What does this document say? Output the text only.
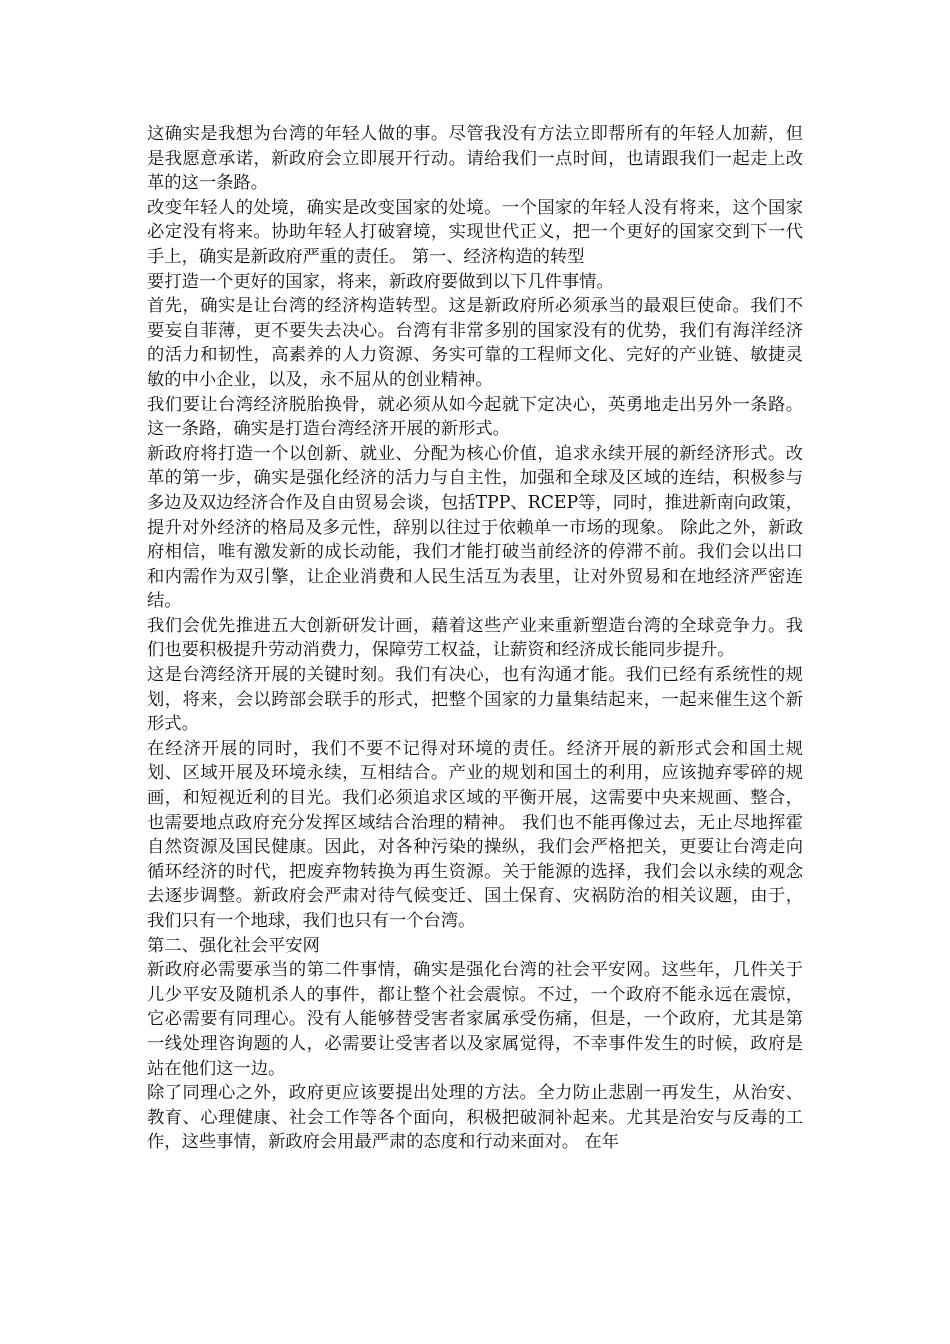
这确实是我想为台湾的年轻人做的事。尽管我没有方法立即帮所有的年轻人加薪，但是我愿意承诺，新政府会立即展开行动。请给我们一点时间，也请跟我们一起走上改革的这一条路。

改变年轻人的处境，确实是改变国家的处境。一个国家的年轻人没有将来，这个国家必定没有将来。协助年轻人打破窘境，实现世代正义，把一个更好的国家交到下一代手上，确实是新政府严重的责任。 第一、经济构造的转型

要打造一个更好的国家，将来，新政府要做到以下几件事情。

首先，确实是让台湾的经济构造转型。这是新政府所必须承当的最艰巨使命。我们不要妄自菲薄，更不要失去决心。台湾有非常多别的国家没有的优势，我们有海洋经济的活力和韧性，高素养的人力资源、务实可靠的工程师文化、完好的产业链、敏捷灵敏的中小企业，以及，永不屈从的创业精神。

我们要让台湾经济脱胎换骨，就必须从如今起就下定决心，英勇地走出另外一条路。这一条路，确实是打造台湾经济开展的新形式。

新政府将打造一个以创新、就业、分配为核心价值，追求永续开展的新经济形式。改革的第一步，确实是强化经济的活力与自主性，加强和全球及区域的连结，积极参与多边及双边经济合作及自由贸易会谈，包括TPP、RCEP等，同时，推进新南向政策，提升对外经济的格局及多元性，辞别以往过于依赖单一市场的现象。 除此之外，新政府相信，唯有激发新的成长动能，我们才能打破当前经济的停滞不前。我们会以出口和内需作为双引擎，让企业消费和人民生活互为表里，让对外贸易和在地经济严密连结。

我们会优先推进五大创新研发计画，藉着这些产业来重新塑造台湾的全球竞争力。我们也要积极提升劳动消费力，保障劳工权益，让薪资和经济成长能同步提升。

这是台湾经济开展的关键时刻。我们有决心，也有沟通才能。我们已经有系统性的规划，将来，会以跨部会联手的形式，把整个国家的力量集结起来，一起来催生这个新形式。

在经济开展的同时，我们不要不记得对环境的责任。经济开展的新形式会和国土规划、区域开展及环境永续，互相结合。产业的规划和国土的利用，应该抛弃零碎的规画，和短视近利的目光。我们必须追求区域的平衡开展，这需要中央来规画、整合，也需要地点政府充分发挥区域结合治理的精神。 我们也不能再像过去，无止尽地挥霍自然资源及国民健康。因此，对各种污染的操纵，我们会严格把关，更要让台湾走向循环经济的时代，把废弃物转换为再生资源。关于能源的选择，我们会以永续的观念去逐步调整。新政府会严肃对待气候变迁、国土保育、灾祸防治的相关议题，由于，我们只有一个地球，我们也只有一个台湾。

第二、强化社会平安网

新政府必需要承当的第二件事情，确实是强化台湾的社会平安网。这些年，几件关于儿少平安及随机杀人的事件，都让整个社会震惊。不过，一个政府不能永远在震惊，它必需要有同理心。没有人能够替受害者家属承受伤痛，但是，一个政府，尤其是第一线处理咨询题的人，必需要让受害者以及家属觉得，不幸事件发生的时候，政府是站在他们这一边。

除了同理心之外，政府更应该要提出处理的方法。全力防止悲剧一再发生，从治安、教育、心理健康、社会工作等各个面向，积极把破洞补起来。尤其是治安与反毒的工作，这些事情，新政府会用最严肃的态度和行动来面对。 在年
